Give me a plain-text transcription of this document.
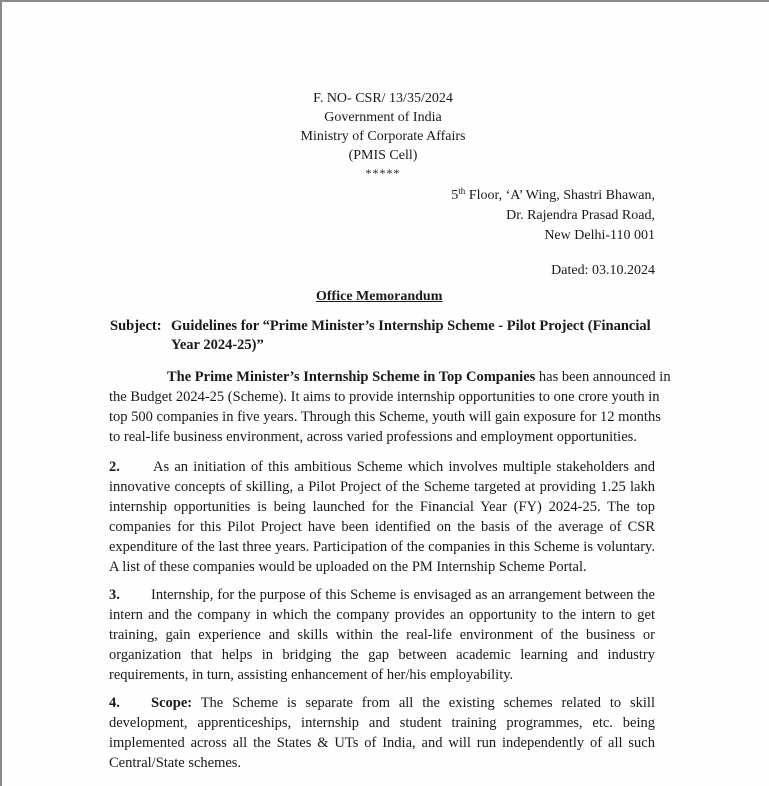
F. NO- CSR/ 13/35/2024
Government of India
Ministry of Corporate Affairs
(PMIS Cell)
*****
5th Floor, ‘A’ Wing, Shastri Bhawan,
Dr. Rajendra Prasad Road,
New Delhi-110 001
Dated: 03.10.2024
Office Memorandum
Subject: Guidelines for “Prime Minister’s Internship Scheme - Pilot Project (Financial
Year 2024-25)”
The Prime Minister’s Internship Scheme in Top Companies has been announced in
the Budget 2024-25 (Scheme). It aims to provide internship opportunities to one crore youth in
top 500 companies in five years. Through this Scheme, youth will gain exposure for 12 months
to real-life business environment, across varied professions and employment opportunities.
2. As an initiation of this ambitious Scheme which involves multiple stakeholders and
innovative concepts of skilling, a Pilot Project of the Scheme targeted at providing 1.25 lakh
internship opportunities is being launched for the Financial Year (FY) 2024-25. The top
companies for this Pilot Project have been identified on the basis of the average of CSR
expenditure of the last three years. Participation of the companies in this Scheme is voluntary.
A list of these companies would be uploaded on the PM Internship Scheme Portal.
3. Internship, for the purpose of this Scheme is envisaged as an arrangement between the
intern and the company in which the company provides an opportunity to the intern to get
training, gain experience and skills within the real-life environment of the business or
organization that helps in bridging the gap between academic learning and industry
requirements, in turn, assisting enhancement of her/his employability.
4. Scope: The Scheme is separate from all the existing schemes related to skill
development, apprenticeships, internship and student training programmes, etc. being
implemented across all the States & UTs of India, and will run independently of all such
Central/State schemes.
